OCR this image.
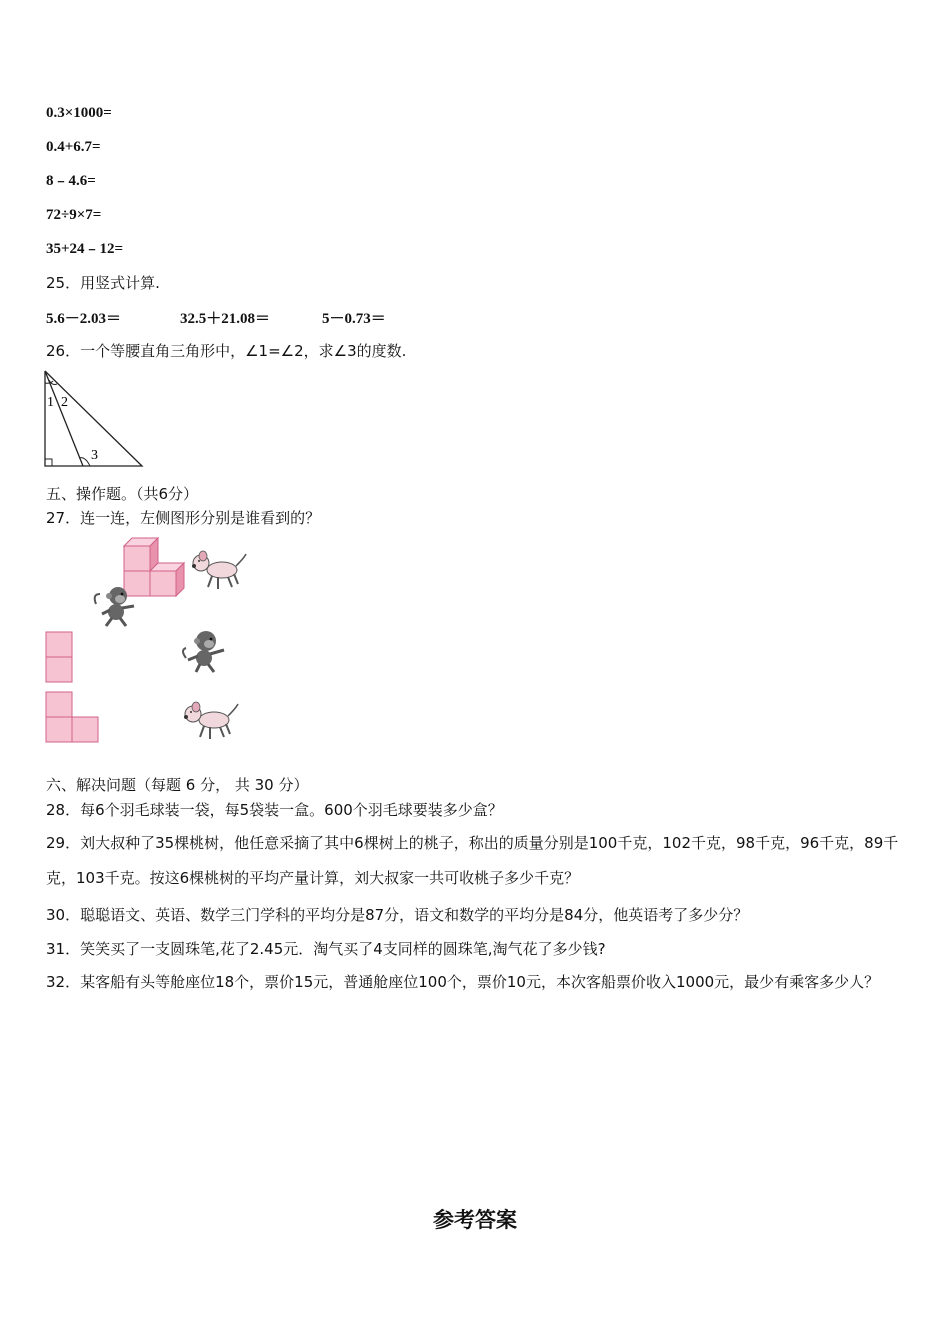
0.3×1000=
0.4+6.7=
8﹣4.6=
72÷9×7=
35+24﹣12=
25．用竖式计算.
5.6－2.03＝	32.5＋21.08＝	5－0.73＝
26．一个等腰直角三角形中，∠1=∠2，求∠3的度数.
1 2
3
五、操作题。（共6分）
27．连一连，左侧图形分别是谁看到的？
六、解决问题（每题 6 分， 共 30 分）
28．每6个羽毛球装一袋，每5袋装一盒。600个羽毛球要装多少盒？
29．刘大叔种了35棵桃树，他任意采摘了其中6棵树上的桃子，称出的质量分别是100千克，102千克，98千克，96千克，89千克，103千克。按这6棵桃树的平均产量计算，刘大叔家一共可收桃子多少千克？
30．聪聪语文、英语、数学三门学科的平均分是87分，语文和数学的平均分是84分，他英语考了多少分？
31．笑笑买了一支圆珠笔,花了2.45元．淘气买了4支同样的圆珠笔,淘气花了多少钱?
32．某客船有头等舱座位18个，票价15元，普通舱座位100个，票价10元，本次客船票价收入1000元，最少有乘客多少人？
参考答案
